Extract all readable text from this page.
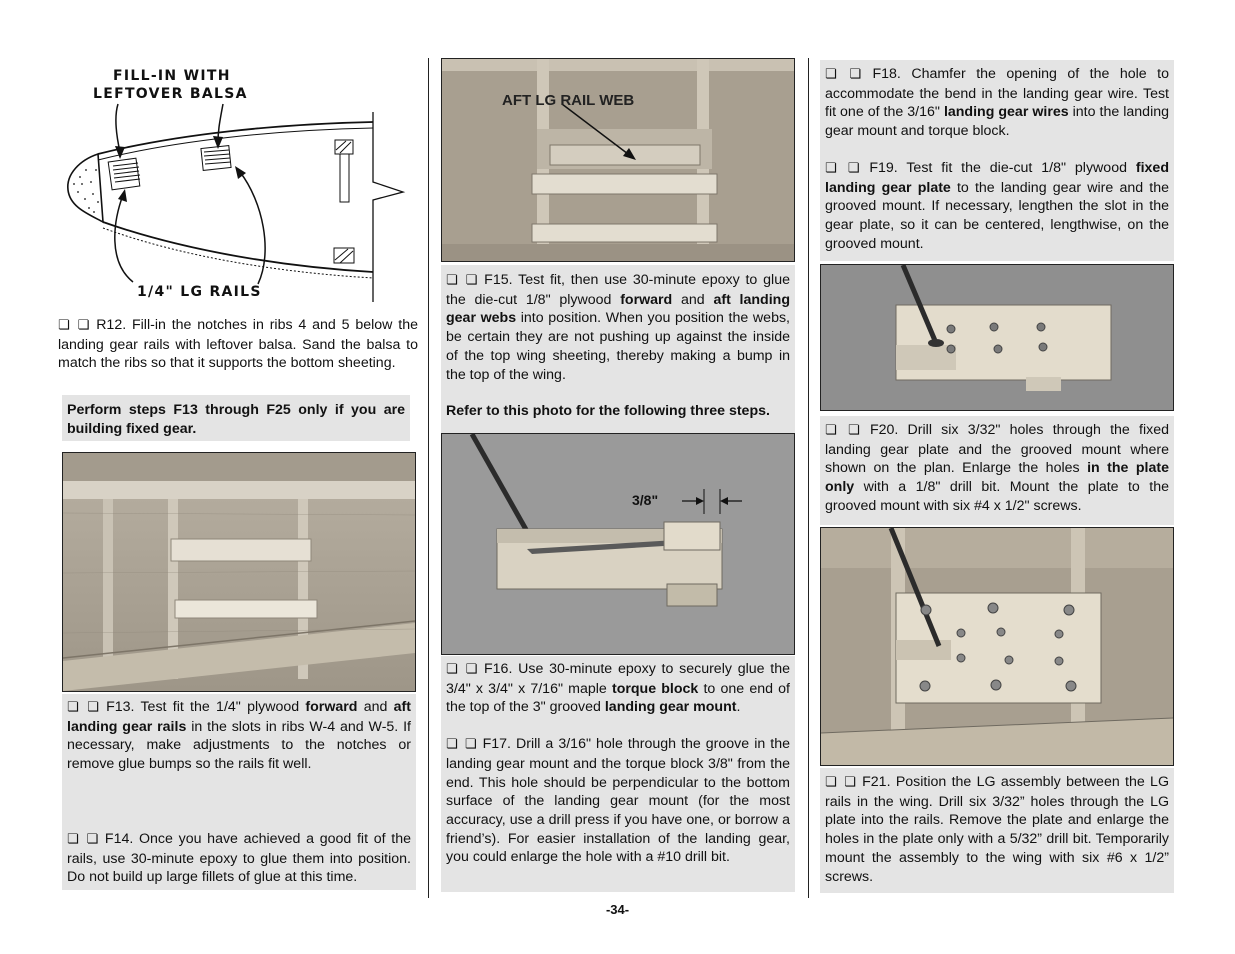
FILL-IN WITH
LEFTOVER BALSA
1/4" LG RAILS
❏ ❏ R12. Fill-in the notches in ribs 4 and 5 below the landing gear rails with leftover balsa. Sand the balsa to match the ribs so that it supports the bottom sheeting.
Perform steps F13 through F25 only if you are building fixed gear.
❏ ❏ F13. Test fit the 1/4" plywood forward and aft landing gear rails in the slots in ribs W-4 and W-5. If necessary, make adjustments to the notches or remove glue bumps so the rails fit well.
❏ ❏ F14. Once you have achieved a good fit of the rails, use 30-minute epoxy to glue them into position. Do not build up large fillets of glue at this time.
AFT LG RAIL WEB
❏ ❏ F15. Test fit, then use 30-minute epoxy to glue the die-cut 1/8" plywood forward and aft landing gear webs into position. When you position the webs, be certain they are not pushing up against the inside of the top wing sheeting, thereby making a bump in the top of the wing.
Refer to this photo for the following three steps.
3/8"
❏ ❏ F16. Use 30-minute epoxy to securely glue the 3/4" x 3/4" x 7/16" maple torque block to one end of the top of the 3" grooved landing gear mount.
❏ ❏ F17. Drill a 3/16" hole through the groove in the landing gear mount and the torque block 3/8" from the end. This hole should be perpendicular to the bottom surface of the landing gear mount (for the most accuracy, use a drill press if you have one, or borrow a friend’s). For easier installation of the landing gear, you could enlarge the hole with a #10 drill bit.
❏ ❏ F18. Chamfer the opening of the hole to accommodate the bend in the landing gear wire. Test fit one of the 3/16" landing gear wires into the landing gear mount and torque block.
❏ ❏ F19. Test fit the die-cut 1/8" plywood fixed landing gear plate to the landing gear wire and the grooved mount. If necessary, lengthen the slot in the gear plate, so it can be centered, lengthwise, on the grooved mount.
❏ ❏ F20. Drill six 3/32" holes through the fixed landing gear plate and the grooved mount where shown on the plan. Enlarge the holes in the plate only with a 1/8" drill bit. Mount the plate to the grooved mount with six #4 x 1/2" screws.
❏ ❏ F21. Position the LG assembly between the LG rails in the wing. Drill six 3/32” holes through the LG plate into the rails. Remove the plate and enlarge the holes in the plate only with a 5/32” drill bit. Temporarily mount the assembly to the wing with six #6 x 1/2” screws.
-34-
